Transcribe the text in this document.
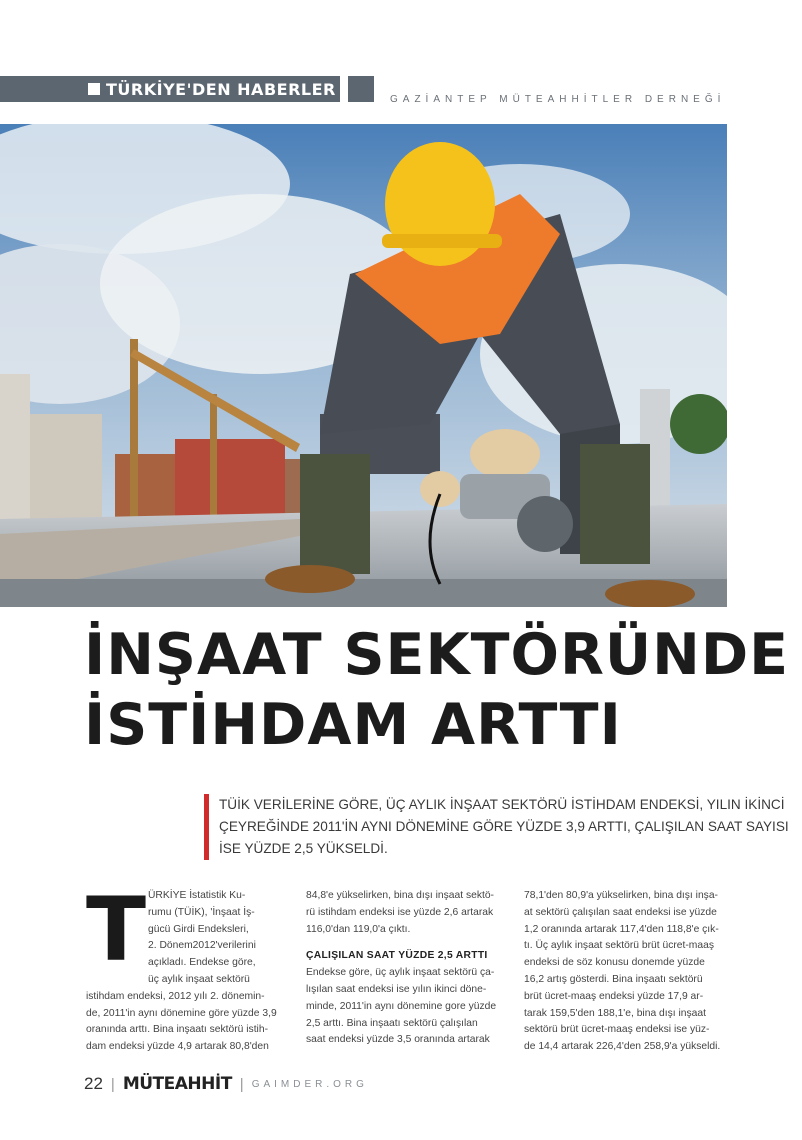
TÜRKİYE'DEN HABERLER
GAZİANTEP MÜTEAHHİTLER DERNEĞİ
İNŞAAT SEKTÖRÜNDE
İSTİHDAM ARTTI
TÜİK VERİLERİNE GÖRE, ÜÇ AYLIK İNŞAAT SEKTÖRÜ İSTİHDAM ENDEKSİ, YILIN İKİNCİ
ÇEYREĞİNDE 2011'İN AYNI DÖNEMİNE GÖRE YÜZDE 3,9 ARTTI, ÇALIŞILAN SAAT SAYISI
İSE YÜZDE 2,5 YÜKSELDİ.
T ÜRKİYE İstatistik Ku-
rumu (TÜİK), 'İnşaat İş-
gücü Girdi Endeksleri,
2. Dönem2012'verilerini
açıkladı. Endekse göre,
üç aylık inşaat sektörü
istihdam endeksi, 2012 yılı 2. dönemin-
de, 2011'in aynı dönemine göre yüzde 3,9
oranında arttı. Bina inşaatı sektörü istih-
dam endeksi yüzde 4,9 artarak 80,8'den
84,8'e yükselirken, bina dışı inşaat sektö-
rü istihdam endeksi ise yüzde 2,6 artarak
116,0'dan 119,0'a çıktı.
ÇALIŞILAN SAAT YÜZDE 2,5 ARTTI
Endekse göre, üç aylık inşaat sektörü ça-
lışılan saat endeksi ise yılın ikinci döne-
minde, 2011'in aynı dönemine gore yüzde
2,5 arttı. Bina inşaatı sektörü çalışılan
saat endeksi yüzde 3,5 oranında artarak
78,1'den 80,9'a yükselirken, bina dışı inşa-
at sektörü çalışılan saat endeksi ise yüzde
1,2 oranında artarak 117,4'den 118,8'e çık-
tı. Üç aylık inşaat sektörü brüt ücret-maaş
endeksi de söz konusu donemde yüzde
16,2 artış gösterdi. Bina inşaatı sektörü
brüt ücret-maaş endeksi yüzde 17,9 ar-
tarak 159,5'den 188,1'e, bina dışı inşaat
sektörü brüt ücret-maaş endeksi ise yüz-
de 14,4 artarak 226,4'den 258,9'a yükseldi.
22 | MÜTEAHHİT | GAIMDER.ORG
